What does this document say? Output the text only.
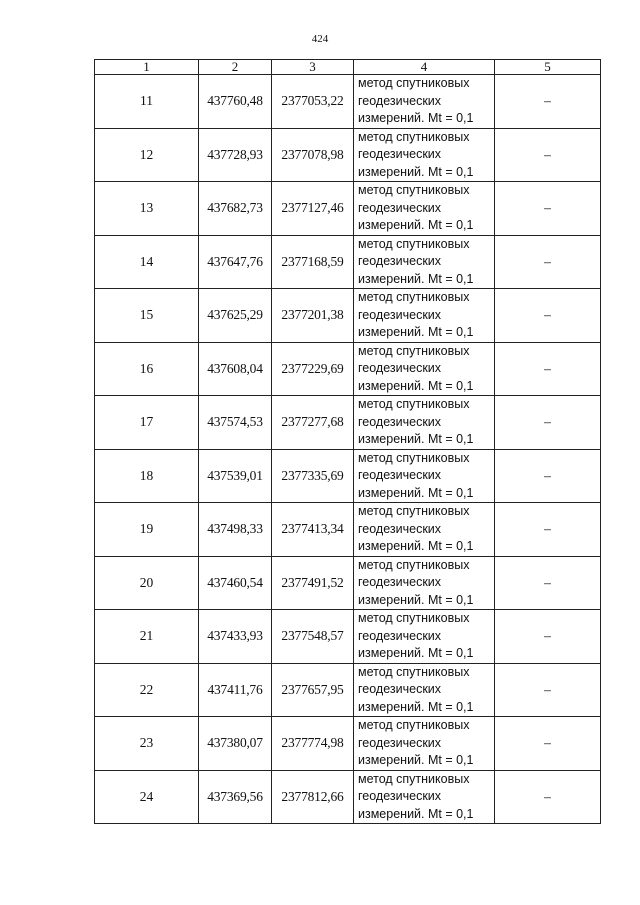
424
1	2	3	4	5
11	437760,48	2377053,22	метод спутниковых
геодезических
измерений. Mt = 0,1	–
12	437728,93	2377078,98	метод спутниковых
геодезических
измерений. Mt = 0,1	–
13	437682,73	2377127,46	метод спутниковых
геодезических
измерений. Mt = 0,1	–
14	437647,76	2377168,59	метод спутниковых
геодезических
измерений. Mt = 0,1	–
15	437625,29	2377201,38	метод спутниковых
геодезических
измерений. Mt = 0,1	–
16	437608,04	2377229,69	метод спутниковых
геодезических
измерений. Mt = 0,1	–
17	437574,53	2377277,68	метод спутниковых
геодезических
измерений. Mt = 0,1	–
18	437539,01	2377335,69	метод спутниковых
геодезических
измерений. Mt = 0,1	–
19	437498,33	2377413,34	метод спутниковых
геодезических
измерений. Mt = 0,1	–
20	437460,54	2377491,52	метод спутниковых
геодезических
измерений. Mt = 0,1	–
21	437433,93	2377548,57	метод спутниковых
геодезических
измерений. Mt = 0,1	–
22	437411,76	2377657,95	метод спутниковых
геодезических
измерений. Mt = 0,1	–
23	437380,07	2377774,98	метод спутниковых
геодезических
измерений. Mt = 0,1	–
24	437369,56	2377812,66	метод спутниковых
геодезических
измерений. Mt = 0,1	–
